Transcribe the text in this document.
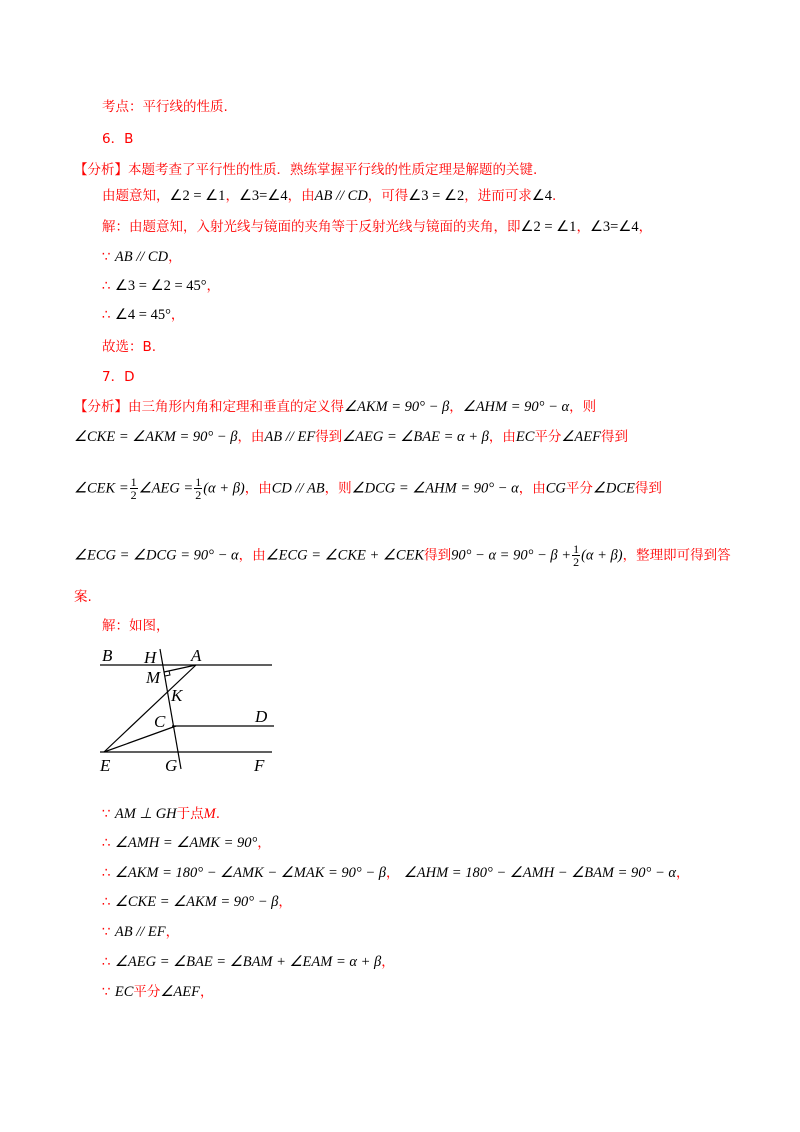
考点：平行线的性质.
6．B
【分析】本题考查了平行性的性质．熟练掌握平行线的性质定理是解题的关键.
由题意知，∠2 = ∠1，∠3=∠4，由AB // CD，可得∠3 = ∠2，进而可求∠4.
解：由题意知，入射光线与镜面的夹角等于反射光线与镜面的夹角，即∠2 = ∠1，∠3=∠4，
∵ AB // CD，
∴ ∠3 = ∠2 = 45°，
∴ ∠4 = 45°，
故选：B.
7．D
【分析】由三角形内角和定理和垂直的定义得∠AKM = 90° − β，∠AHM = 90° − α，则
∠CKE = ∠AKM = 90° − β，由AB // EF得到∠AEG = ∠BAE = α + β，由EC平分∠AEF得到
∠CEK = $\frac{1}{2}$ ∠AEG = $\frac{1}{2} (\alpha + \beta)$，由CD // AB，则∠DCG = ∠AHM = 90° − α，由CG平分∠DCE得到
∠ECG = ∠DCG = 90° − α，由∠ECG = ∠CKE + ∠CEK得到$90^\circ - \alpha = 90^\circ - \beta + \frac{1}{2} (\alpha + \beta)$，整理即可得到答
案.
解：如图，
B H A
M
K
C	D
E	G	F
∵ AM ⊥ GH于点M.
∴ ∠AMH = ∠AMK = 90°，
∴ ∠AKM = 180° − ∠AMK − ∠MAK = 90° − β， ∠AHM = 180° − ∠AMH − ∠BAM = 90° − α，
∴ ∠CKE = ∠AKM = 90° − β，
∵ AB // EF，
∴ ∠AEG = ∠BAE = ∠BAM + ∠EAM = α + β，
∵ EC平分∠AEF，
